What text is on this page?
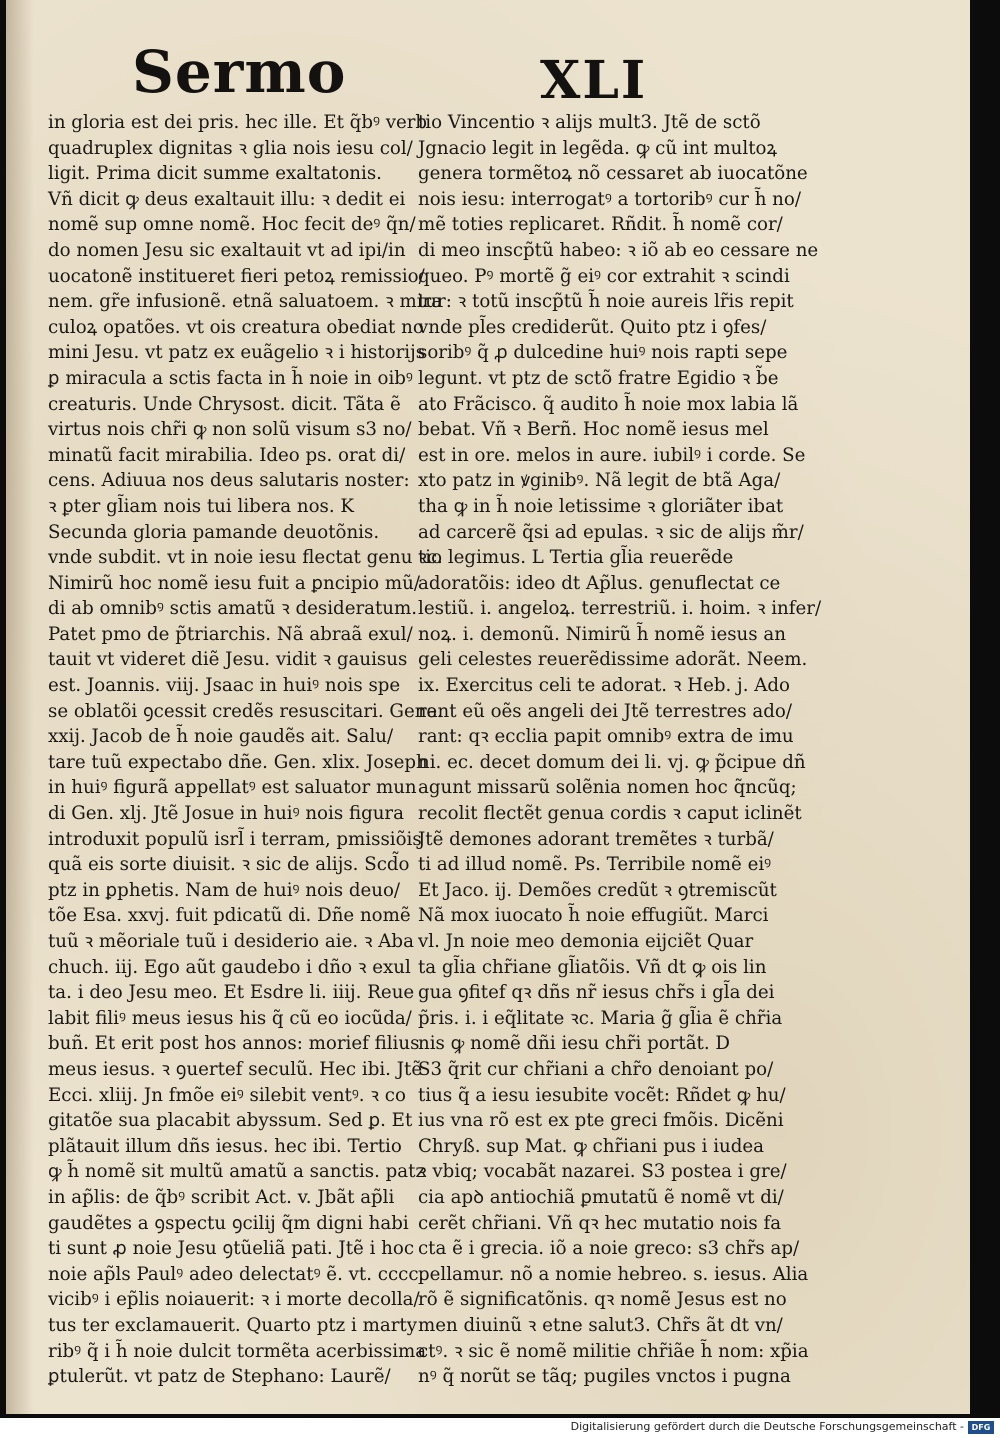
Sermo	XLI
in gloria est dei pris. hec ille. Et q̃bꝰ verb
quadruplex dignitas ꝛ glia nois iesu col/
ligit. Prima dicit summe exaltatonis.
Vñ dicit ꝙ deus exaltauit illu: ꝛ dedit ei
nomẽ sup omne nomẽ. Hoc fecit deꝰ q̃n/
do nomen Jesu sic exaltauit vt ad ipi/in
uocatonẽ institueret fieri petoꝝ remissio/
nem. gr̃e infusionẽ. etnã saluatoem. ꝛ mira
culoꝝ opatões. vt ois creatura obediat no
mini Jesu. vt patz ex euãgelio ꝛ i historijs
ꝑ miracula a sctis facta in h̃ noie in oibꝰ
creaturis. Unde Chrysost. dicit. Tãta ẽ
virtus nois chr̃i ꝙ non solũ visum s3 no/
minatũ facit mirabilia. Ideo ps. orat di/
cens. Adiuua nos deus salutaris noster:
ꝛ ꝑter gl̃iam nois tui libera nos. K
Secunda gloria pamande deuotõnis.
vnde subdit. vt in noie iesu flectat genu ꝛc.
Nimirũ hoc nomẽ iesu fuit a ꝑncipio mũ/
di ab omnibꝰ sctis amatũ ꝛ desideratum.
Patet pmo de p̃triarchis. Nã abraã exul/
tauit vt videret diẽ Jesu. vidit ꝛ gauisus
est. Joannis. viij. Jsaac in huiꝰ nois spe
se oblatõi ꝯcessit credẽs resuscitari. Gene.
xxij. Jacob de h̃ noie gaudẽs ait. Salu/
tare tuũ expectabo dñe. Gen. xlix. Joseph
in huiꝰ figurã appellatꝰ est saluator mun
di Gen. xlj. Jtẽ Josue in huiꝰ nois figura
introduxit populũ isrl̃ i terram, pmissiõis
quã eis sorte diuisit. ꝛ sic de alijs. Scd̃o
ptz in ꝑphetis. Nam de huiꝰ nois deuo/
tõe Esa. xxvj. fuit pdicatũ di. Dñe nomẽ
tuũ ꝛ mẽoriale tuũ i desiderio aie. ꝛ Aba
chuch. iij. Ego aũt gaudebo i dño ꝛ exul
ta. i deo Jesu meo. Et Esdre li. iiij. Reue
labit filiꝰ meus iesus his q̃ cũ eo iocũda/
buñ. Et erit post hos annos: morief filius
meus iesus. ꝛ ꝯuertef seculũ. Hec ibi. Jtẽ
Ecci. xliij. Jn fmõe eiꝰ silebit ventꝰ. ꝛ co
gitatõe sua placabit abyssum. Sed ꝑ. Et
plãtauit illum dñs iesus. hec ibi. Tertio
ꝙ h̃ nomẽ sit multũ amatũ a sanctis. patz
in ap̃lis: de q̃bꝰ scribit Act. v. Jbãt ap̃li
gaudẽtes a ꝯspectu ꝯcilij q̃m digni habi
ti sunt ꝓ noie Jesu ꝯtũeliã pati. Jtẽ i hoc
noie ap̃ls Paulꝰ adeo delectatꝰ ẽ. vt. cccc.
vicibꝰ i ep̃lis noiauerit: ꝛ i morte decolla/
tus ter exclamauerit. Quarto ptz i marty
ribꝰ q̃ i h̃ noie dulcit tormẽta acerbissima
ꝑtulerũt. vt patz de Stephano: Laurẽ/
tio Vincentio ꝛ alijs mult3. Jtẽ de sctõ
Jgnacio legit in legẽda. ꝙ cũ int multoꝝ
genera tormẽtoꝝ nõ cessaret ab iuocatõne
nois iesu: interrogatꝰ a tortoribꝰ cur h̃ no/
mẽ toties replicaret. Rñdit. h̃ nomẽ cor/
di meo inscp̃tũ habeo: ꝛ iõ ab eo cessare ne
queo. Pꝰ mortẽ g̃ eiꝰ cor extrahit ꝛ scindi
tur: ꝛ totũ inscp̃tũ h̃ noie aureis lr̃is repit
vnde pl̃es crediderũt. Quito ptz i ꝯfes/
soribꝰ q̃ ꝓ dulcedine huiꝰ nois rapti sepe
legunt. vt ptz de sctõ fratre Egidio ꝛ b̃e
ato Frãcisco. q̃ audito h̃ noie mox labia lã
bebat. Vñ ꝛ Berñ. Hoc nomẽ iesus mel
est in ore. melos in aure. iubilꝰ i corde. Se
xto patz in ꝟginibꝰ. Nã legit de btã Aga/
tha ꝙ in h̃ noie letissime ꝛ gloriãter ibat
ad carcerẽ q̃si ad epulas. ꝛ sic de alijs m̃r/
tio legimus. L Tertia gl̃ia reuerẽde
adoratõis: ideo dt Ap̃lus. genuflectat ce
lestiũ. i. angeloꝝ. terrestriũ. i. hoim. ꝛ infer/
noꝝ. i. demonũ. Nimirũ h̃ nomẽ iesus an
geli celestes reuerẽdissime adorãt. Neem.
ix. Exercitus celi te adorat. ꝛ Heb. j. Ado
rant eũ oẽs angeli dei Jtẽ terrestres ado/
rant: qꝛ ecclia papit omnibꝰ extra de imu
ni. ec. decet domum dei li. vj. ꝙ p̃cipue dñ
agunt missarũ solẽnia nomen hoc q̃ncũq;
recolit flectẽt genua cordis ꝛ caput iclinẽt
Jtẽ demones adorant tremẽtes ꝛ turbã/
ti ad illud nomẽ. Ps. Terribile nomẽ eiꝰ
Et Jaco. ij. Demões credũt ꝛ ꝯtremiscũt
Nã mox iuocato h̃ noie effugiũt. Marci
vl. Jn noie meo demonia eijciẽt Quar
ta gl̃ia chr̃iane gl̃iatõis. Vñ dt ꝙ ois lin
gua ꝯfitef qꝛ dñs nr̃ iesus chr̃s i gl̃a dei
p̃ris. i. i eq̃litate ꝛc. Maria g̃ gl̃ia ẽ chr̃ia
nis ꝙ nomẽ dñi iesu chr̃i portãt. D
S3 q̃rit cur chr̃iani a chr̃o denoiant po/
tius q̃ a iesu iesubite vocẽt: Rñdet ꝙ hu/
ius vna rõ est ex pte greci fmõis. Dicẽni
Chryß. sup Mat. ꝙ chr̃iani pus i iudea
ꝛ vbiq; vocabãt nazarei. S3 postea i gre/
cia apꝺ antiochiã ꝑmutatũ ẽ nomẽ vt di/
cerẽt chr̃iani. Vñ qꝛ hec mutatio nois fa
cta ẽ i grecia. iõ a noie greco: s3 chr̃s ap/
pellamur. nõ a nomie hebreo. s. iesus. Alia
rõ ẽ significatõnis. qꝛ nomẽ Jesus est no
men diuinũ ꝛ etne salut3. Chr̃s ãt dt vn/
ctꝰ. ꝛ sic ẽ nomẽ militie chr̃iãe h̃ nom: xp̃ia
nꝰ q̃ norũt se tãq; pugiles vnctos i pugna
Digitalisierung gefördert durch die Deutsche Forschungsgemeinschaft - DFG
